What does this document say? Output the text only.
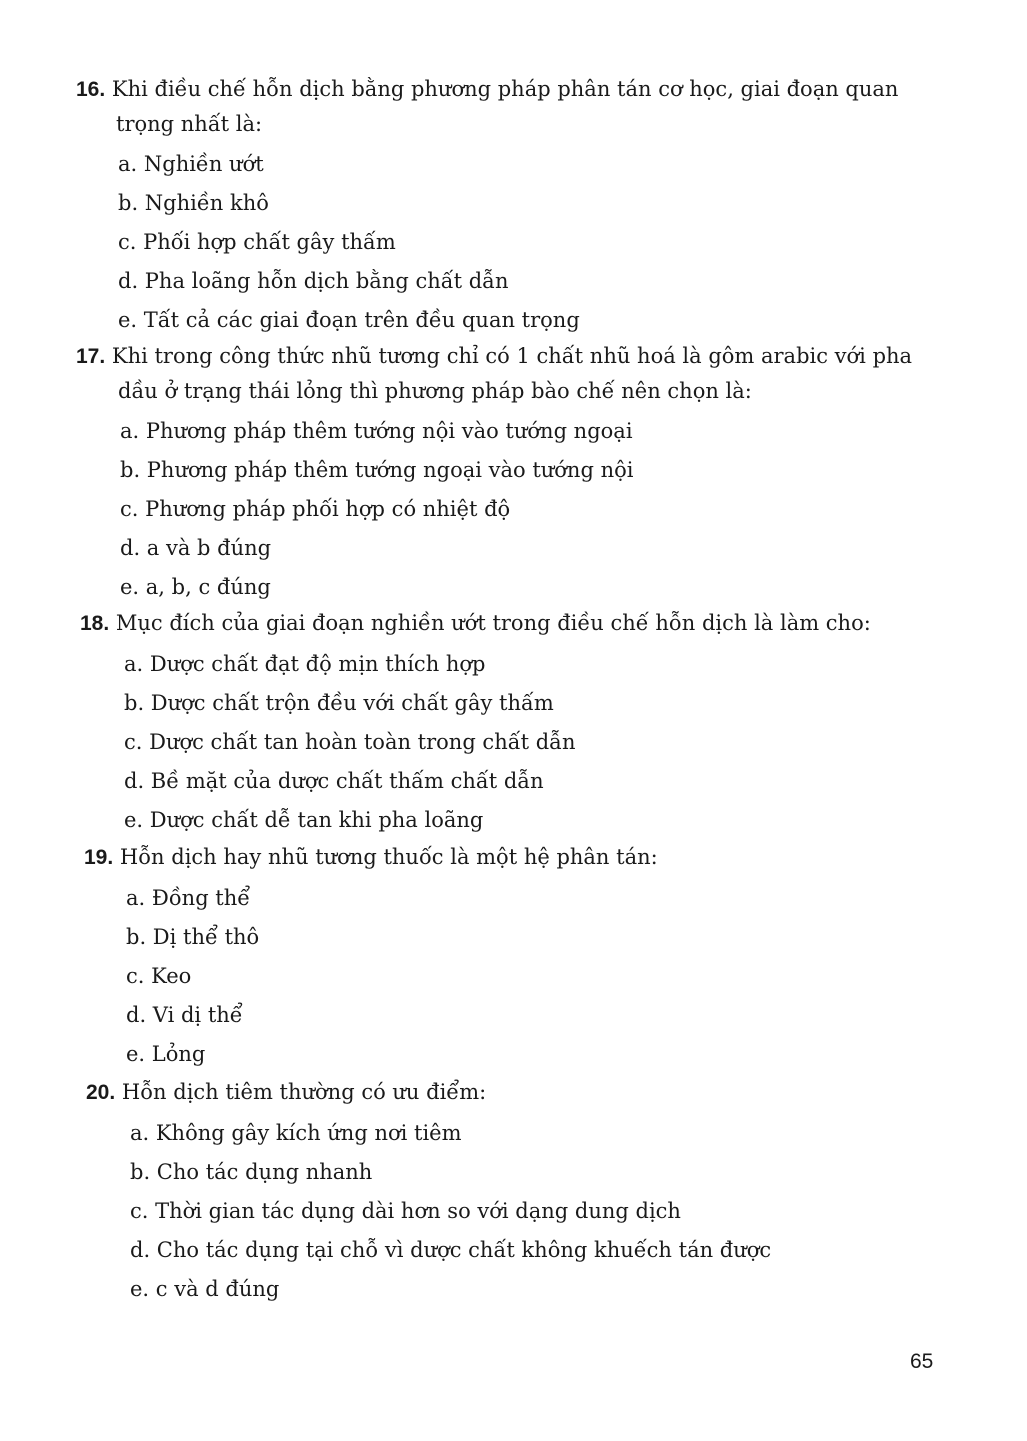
16. Khi điều chế hỗn dịch bằng phương pháp phân tán cơ học, giai đoạn quan trọng nhất là:

a. Nghiền ướt
b. Nghiền khô
c. Phối hợp chất gây thấm
d. Pha loãng hỗn dịch bằng chất dẫn
e. Tất cả các giai đoạn trên đều quan trọng

17. Khi trong công thức nhũ tương chỉ có 1 chất nhũ hoá là gôm arabic với pha dầu ở trạng thái lỏng thì phương pháp bào chế nên chọn là:

a. Phương pháp thêm tướng nội vào tướng ngoại
b. Phương pháp thêm tướng ngoại vào tướng nội
c. Phương pháp phối hợp có nhiệt độ
d. a và b đúng
e. a, b, c đúng

18. Mục đích của giai đoạn nghiền ướt trong điều chế hỗn dịch là làm cho:

a. Dược chất đạt độ mịn thích hợp
b. Dược chất trộn đều với chất gây thấm
c. Dược chất tan hoàn toàn trong chất dẫn
d. Bề mặt của dược chất thấm chất dẫn
e. Dược chất dễ tan khi pha loãng

19. Hỗn dịch hay nhũ tương thuốc là một hệ phân tán:

a. Đồng thể
b. Dị thể thô
c. Keo
d. Vi dị thể
e. Lỏng

20. Hỗn dịch tiêm thường có ưu điểm:

a. Không gây kích ứng nơi tiêm
b. Cho tác dụng nhanh
c. Thời gian tác dụng dài hơn so với dạng dung dịch
d. Cho tác dụng tại chỗ vì dược chất không khuếch tán được
e. c và d đúng
65
